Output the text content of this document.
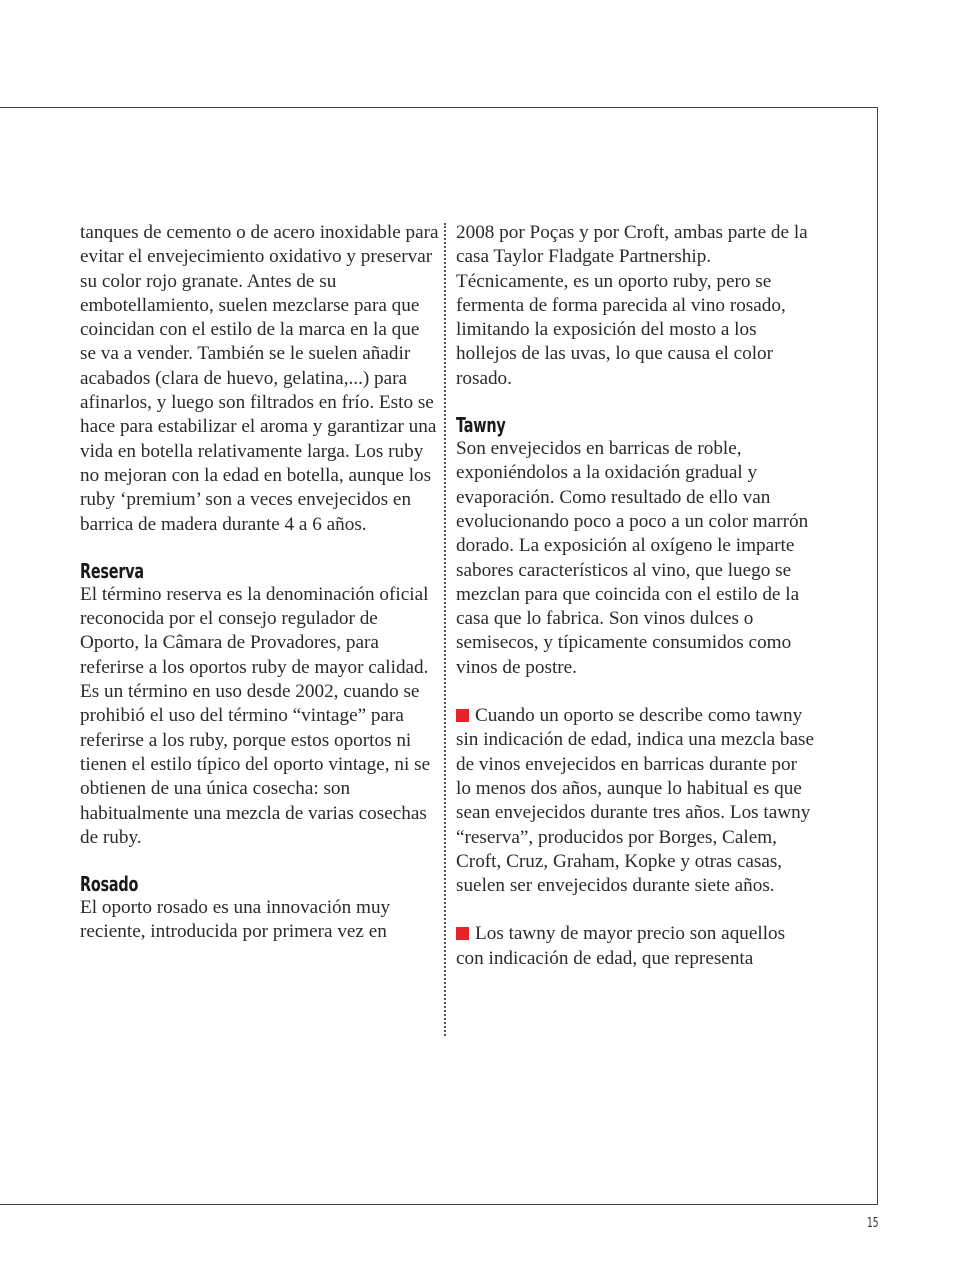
tanques de cemento o de acero inoxidable para evitar el envejecimiento oxidativo y preservar su color rojo granate. Antes de su embotellamiento, suelen mezclarse para que coincidan con el estilo de la marca en la que se va a vender. También se le suelen añadir acabados (clara de huevo, gelatina,...) para afinarlos, y luego son filtrados en frío. Esto se hace para estabilizar el aroma y garantizar una vida en botella relativamente larga. Los ruby no mejoran con la edad en botella, aunque los ruby ‘premium’ son a veces envejecidos en barrica de madera durante 4 a 6 años.

Reserva

El término reserva es la denominación oficial reconocida por el consejo regulador de Oporto, la Câmara de Provadores, para referirse a los oportos ruby de mayor calidad. Es un término en uso desde 2002, cuando se prohibió el uso del término “vintage” para referirse a los ruby, porque estos oportos ni tienen el estilo típico del oporto vintage, ni se obtienen de una única cosecha: son habitualmente una mezcla de varias cosechas de ruby.

Rosado

El oporto rosado es una innovación muy reciente, introducida por primera vez en

2008 por Poças y por Croft, ambas parte de la casa Taylor Fladgate Partnership. Técnicamente, es un oporto ruby, pero se fermenta de forma parecida al vino rosado, limitando la exposición del mosto a los hollejos de las uvas, lo que causa el color rosado.

Tawny

Son envejecidos en barricas de roble, exponiéndolos a la oxidación gradual y evaporación. Como resultado de ello van evolucionando poco a poco a un color marrón dorado. La exposición al oxígeno le imparte sabores característicos al vino, que luego se mezclan para que coincida con el estilo de la casa que lo fabrica. Son vinos dulces o semisecos, y típicamente consumidos como vinos de postre.

Cuando un oporto se describe como tawny sin indicación de edad, indica una mezcla base de vinos envejecidos en barricas durante por lo menos dos años, aunque lo habitual es que sean envejecidos durante tres años. Los tawny “reserva”, producidos por Borges, Calem, Croft, Cruz, Graham, Kopke y otras casas, suelen ser envejecidos durante siete años.

Los tawny de mayor precio son aquellos con indicación de edad, que representa

15
